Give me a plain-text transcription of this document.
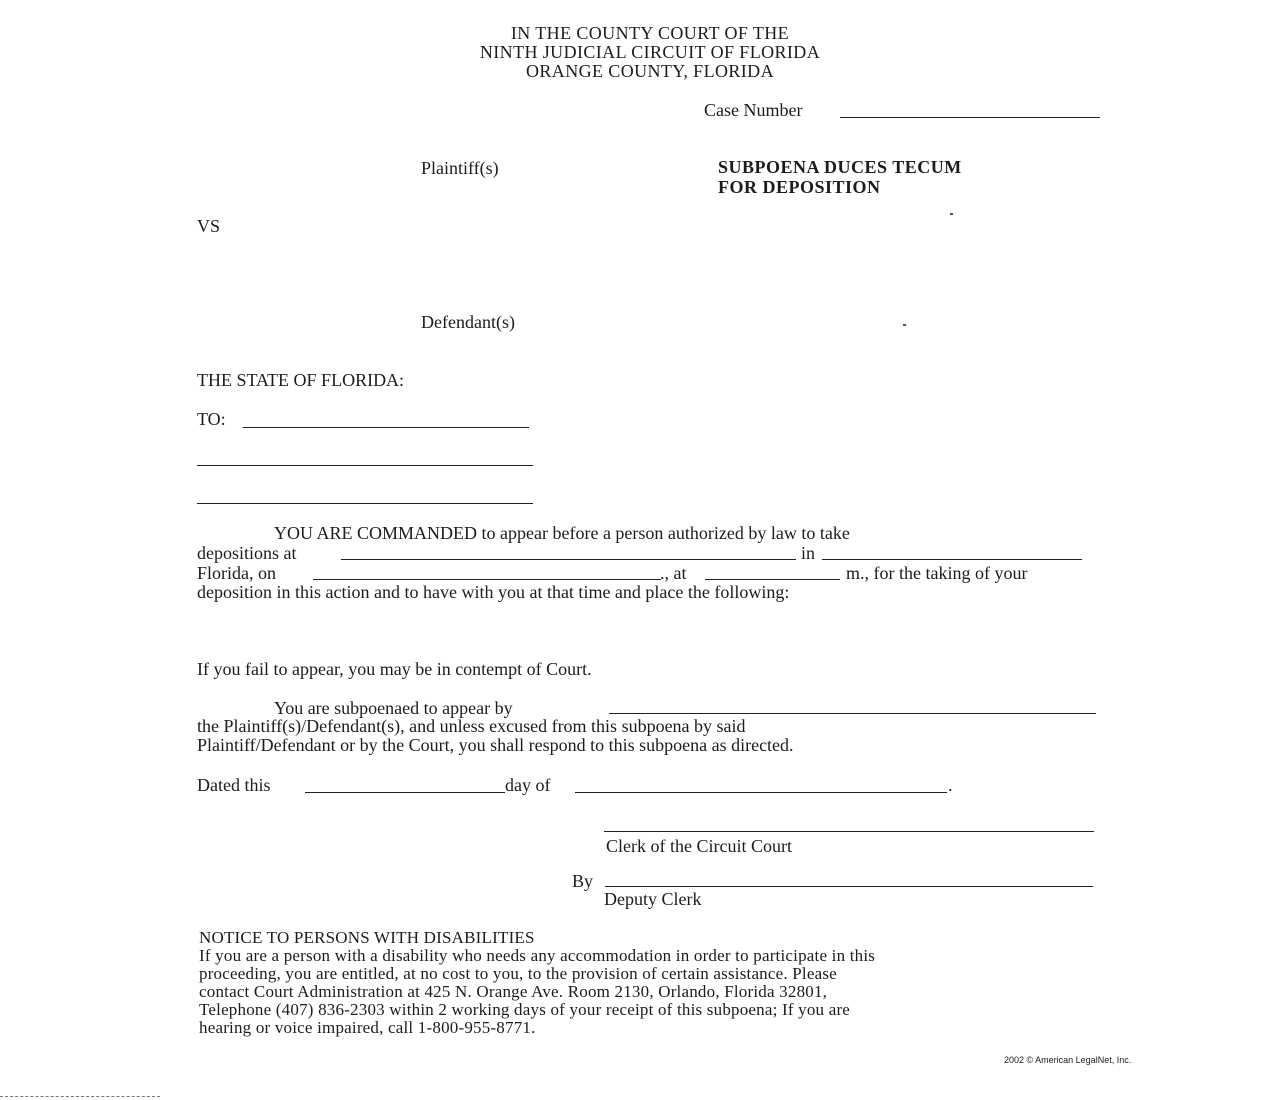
IN THE COUNTY COURT OF THE
NINTH JUDICIAL CIRCUIT OF FLORIDA
ORANGE COUNTY, FLORIDA
Case Number
Plaintiff(s)	SUBPOENA DUCES TECUM
FOR DEPOSITION
VS
Defendant(s)
THE STATE OF FLORIDA:
TO:
YOU ARE COMMANDED to appear before a person authorized by law to take
depositions at	in
Florida, on	., at	m., for the taking of your
deposition in this action and to have with you at that time and place the following:
If you fail to appear, you may be in contempt of Court.
You are subpoenaed to appear by
the Plaintiff(s)/Defendant(s), and unless excused from this subpoena by said
Plaintiff/Defendant or by the Court, you shall respond to this subpoena as directed.
Dated this	day of	.
Clerk of the Circuit Court
By
Deputy Clerk
NOTICE TO PERSONS WITH DISABILITIES
If you are a person with a disability who needs any accommodation in order to participate in this
proceeding, you are entitled, at no cost to you, to the provision of certain assistance. Please
contact Court Administration at 425 N. Orange Ave. Room 2130, Orlando, Florida 32801,
Telephone (407) 836-2303 within 2 working days of your receipt of this subpoena; If you are
hearing or voice impaired, call 1-800-955-8771.
2002 © American LegalNet, Inc.
